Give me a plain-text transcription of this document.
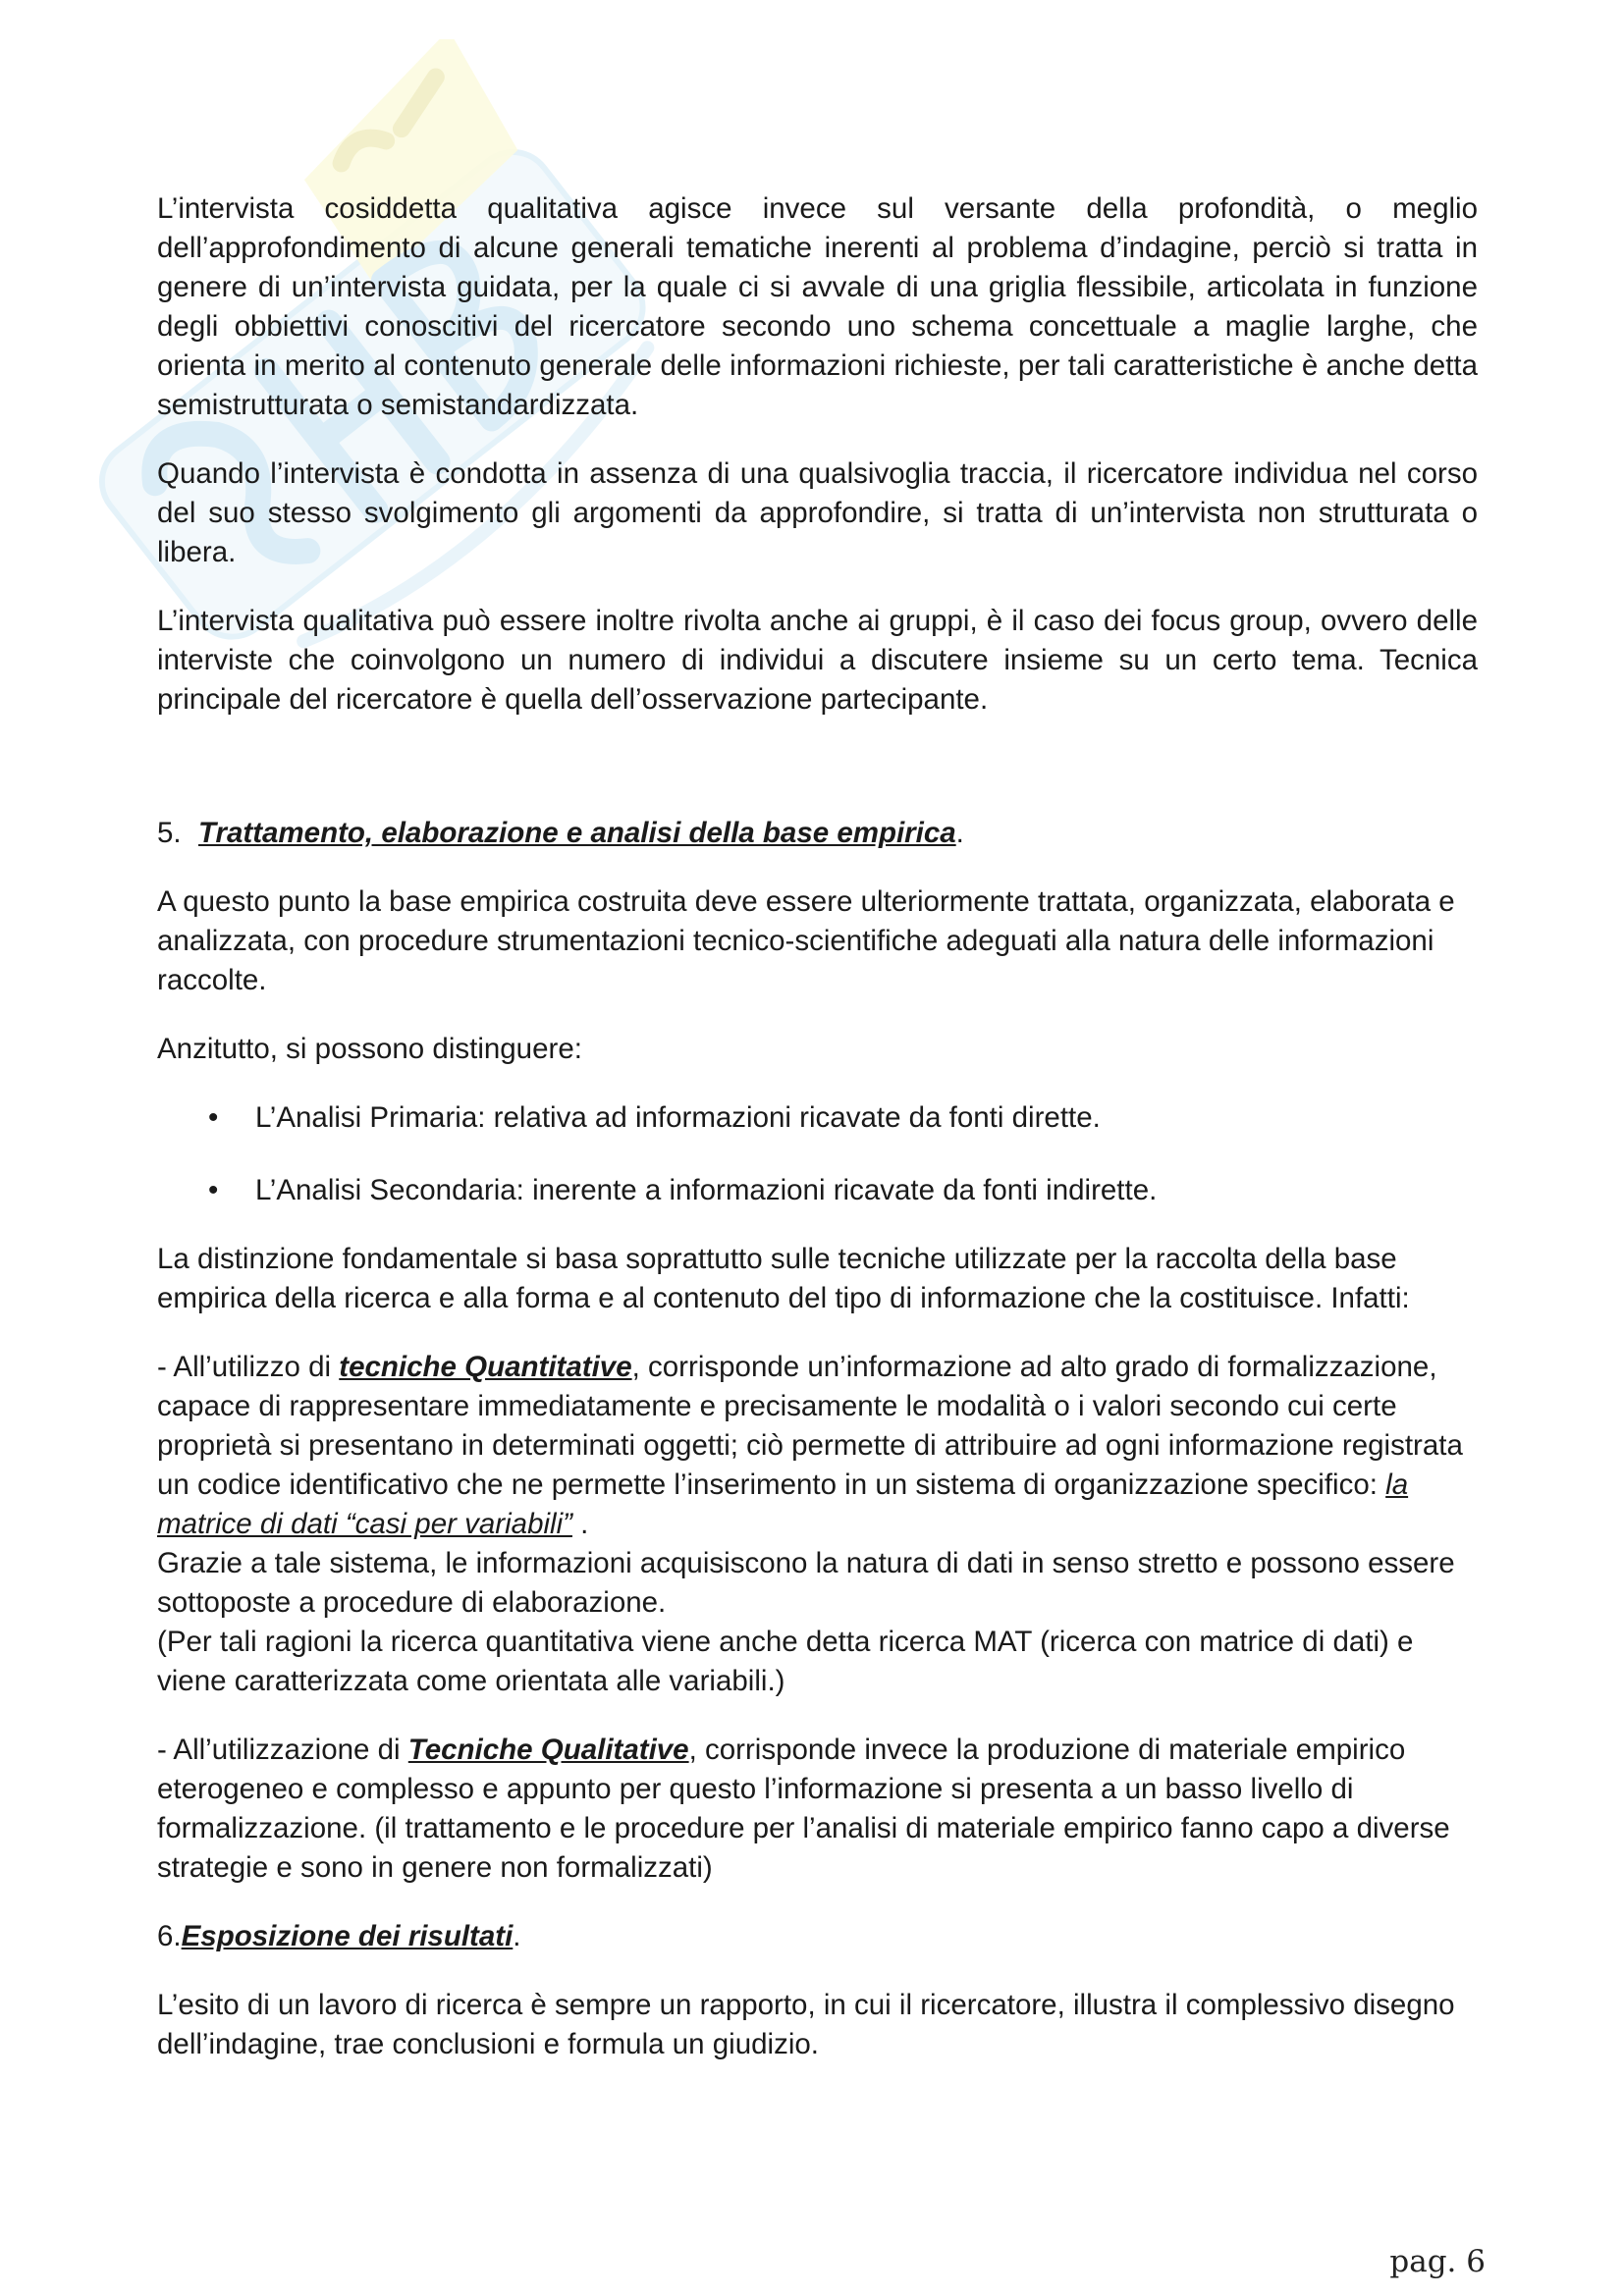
L’intervista cosiddetta qualitativa agisce invece sul versante della profondità, o meglio dell’approfondimento di alcune generali tematiche inerenti al problema d’indagine, perciò si tratta in genere di un’intervista guidata, per la quale ci si avvale di una griglia flessibile, articolata in funzione degli obbiettivi conoscitivi del ricercatore secondo uno schema concettuale a maglie larghe, che orienta in merito al contenuto generale delle informazioni richieste, per tali caratteristiche è anche detta semistrutturata o semistandardizzata.

Quando l’intervista è condotta in assenza di una qualsivoglia traccia, il ricercatore individua nel corso del suo stesso svolgimento gli argomenti da approfondire, si tratta di un’intervista non strutturata o libera.

L’intervista qualitativa può essere inoltre rivolta anche ai gruppi, è il caso dei focus group, ovvero delle interviste che coinvolgono un numero di individui a discutere insieme su un certo tema. Tecnica principale del ricercatore è quella dell’osservazione partecipante.

5. Trattamento, elaborazione e analisi della base empirica.

A questo punto la base empirica costruita deve essere ulteriormente trattata, organizzata, elaborata e analizzata, con procedure strumentazioni tecnico-scientifiche adeguati alla natura delle informazioni raccolte.

Anzitutto, si possono distinguere:

• L’Analisi Primaria: relativa ad informazioni ricavate da fonti dirette.
• L’Analisi Secondaria: inerente a informazioni ricavate da fonti indirette.

La distinzione fondamentale si basa soprattutto sulle tecniche utilizzate per la raccolta della base empirica della ricerca e alla forma e al contenuto del tipo di informazione che la costituisce. Infatti:

- All’utilizzo di tecniche Quantitative, corrisponde un’informazione ad alto grado di formalizzazione, capace di rappresentare immediatamente e precisamente le modalità o i valori secondo cui certe proprietà si presentano in determinati oggetti; ciò permette di attribuire ad ogni informazione registrata un codice identificativo che ne permette l’inserimento in un sistema di organizzazione specifico: la matrice di dati “casi per variabili” .

Grazie a tale sistema, le informazioni acquisiscono la natura di dati in senso stretto e possono essere sottoposte a procedure di elaborazione.

(Per tali ragioni la ricerca quantitativa viene anche detta ricerca MAT (ricerca con matrice di dati) e viene caratterizzata come orientata alle variabili.)

- All’utilizzazione di Tecniche Qualitative, corrisponde invece la produzione di materiale empirico eterogeneo e complesso e appunto per questo l’informazione si presenta a un basso livello di formalizzazione. (il trattamento e le procedure per l’analisi di materiale empirico fanno capo a diverse strategie e sono in genere non formalizzati)

6.Esposizione dei risultati.

L’esito di un lavoro di ricerca è sempre un rapporto, in cui il ricercatore, illustra il complessivo disegno dell’indagine, trae conclusioni e formula un giudizio.

pag. 6
